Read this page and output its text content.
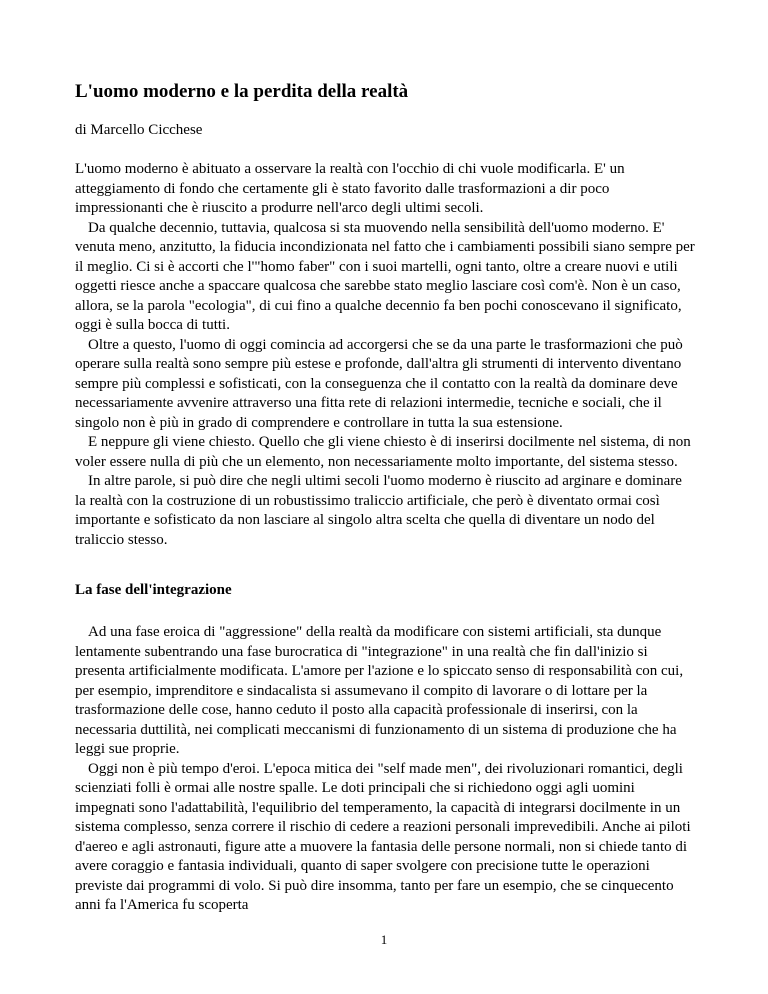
L'uomo moderno e la perdita della realtà

di Marcello Cicchese

L'uomo moderno è abituato a osservare la realtà con l'occhio di chi vuole modificarla. E' un atteggiamento di fondo che certamente gli è stato favorito dalle trasformazioni a dir poco impressionanti che è riuscito a produrre nell'arco degli ultimi secoli.

Da qualche decennio, tuttavia, qualcosa si sta muovendo nella sensibilità dell'uomo moderno. E' venuta meno, anzitutto, la fiducia incondizionata nel fatto che i cambiamenti possibili siano sempre per il meglio. Ci si è accorti che l'"homo faber" con i suoi martelli, ogni tanto, oltre a creare nuovi e utili oggetti riesce anche a spaccare qualcosa che sarebbe stato meglio lasciare così com'è. Non è un caso, allora, se la parola "ecologia", di cui fino a qualche decennio fa ben pochi conoscevano il significato, oggi è sulla bocca di tutti.

Oltre a questo, l'uomo di oggi comincia ad accorgersi che se da una parte le trasformazioni che può operare sulla realtà sono sempre più estese e profonde, dall'altra gli strumenti di intervento diventano sempre più complessi e sofisticati, con la conseguenza che il contatto con la realtà da dominare deve necessariamente avvenire attraverso una fitta rete di relazioni intermedie, tecniche e sociali, che il singolo non è più in grado di comprendere e controllare in tutta la sua estensione.

E neppure gli viene chiesto. Quello che gli viene chiesto è di inserirsi docilmente nel sistema, di non voler essere nulla di più che un elemento, non necessariamente molto importante, del sistema stesso.

In altre parole, si può dire che negli ultimi secoli l'uomo moderno è riuscito ad arginare e dominare la realtà con la costruzione di un robustissimo traliccio artificiale, che però è diventato ormai così importante e sofisticato da non lasciare al singolo altra scelta che quella di diventare un nodo del traliccio stesso.

La fase dell'integrazione

Ad una fase eroica di "aggressione" della realtà da modificare con sistemi artificiali, sta dunque lentamente subentrando una fase burocratica di "integrazione" in una realtà che fin dall'inizio si presenta artificialmente modificata. L'amore per l'azione e lo spiccato senso di responsabilità con cui, per esempio, imprenditore e sindacalista si assumevano il compito di lavorare o di lottare per la trasformazione delle cose, hanno ceduto il posto alla capacità professionale di inserirsi, con la necessaria duttilità, nei complicati meccanismi di funzionamento di un sistema di produzione che ha leggi sue proprie.

Oggi non è più tempo d'eroi. L'epoca mitica dei "self made men", dei rivoluzionari romantici, degli scienziati folli è ormai alle nostre spalle. Le doti principali che si richiedono oggi agli uomini impegnati sono l'adattabilità, l'equilibrio del temperamento, la capacità di integrarsi docilmente in un sistema complesso, senza correre il rischio di cedere a reazioni personali imprevedibili. Anche ai piloti d'aereo e agli astronauti, figure atte a muovere la fantasia delle persone normali, non si chiede tanto di avere coraggio e fantasia individuali, quanto di saper svolgere con precisione tutte le operazioni previste dai programmi di volo. Si può dire insomma, tanto per fare un esempio, che se cinquecento anni fa l'America fu scoperta

1
